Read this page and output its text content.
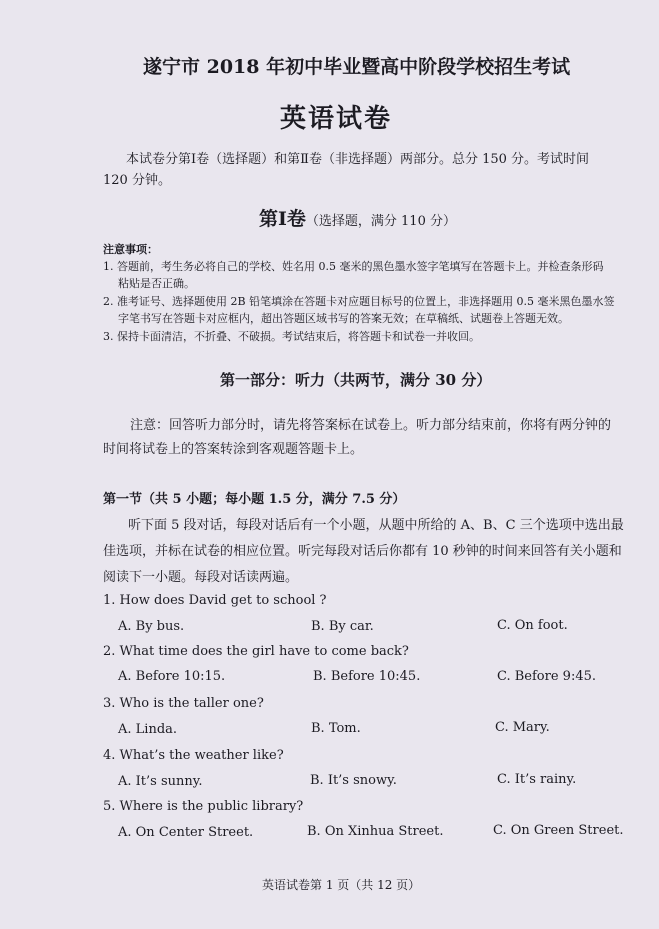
遂宁市 2018 年初中毕业暨高中阶段学校招生考试
英语试卷
本试卷分第Ⅰ卷（选择题）和第Ⅱ卷（非选择题）两部分。总分 150 分。考试时间
120 分钟。
第Ⅰ卷（选择题，满分 110 分）
注意事项：
1. 答题前，考生务必将自己的学校、姓名用 0.5 毫米的黑色墨水签字笔填写在答题卡上。并检查条形码
粘贴是否正确。
2. 准考证号、选择题使用 2B 铅笔填涂在答题卡对应题目标号的位置上，非选择题用 0.5 毫米黑色墨水签
字笔书写在答题卡对应框内，超出答题区域书写的答案无效；在草稿纸、试题卷上答题无效。
3. 保持卡面清洁，不折叠、不破损。考试结束后，将答题卡和试卷一并收回。
第一部分：听力（共两节，满分 30 分）
注意：回答听力部分时，请先将答案标在试卷上。听力部分结束前，你将有两分钟的
时间将试卷上的答案转涂到客观题答题卡上。
第一节（共 5 小题；每小题 1.5 分，满分 7.5 分）
听下面 5 段对话，每段对话后有一个小题，从题中所给的 A、B、C 三个选项中选出最
佳选项，并标在试卷的相应位置。听完每段对话后你都有 10 秒钟的时间来回答有关小题和
阅读下一小题。每段对话读两遍。
1. How does David get to school ?
A. By bus.	B. By car.	C. On foot.
2. What time does the girl have to come back?
A. Before 10:15.	B. Before 10:45.	C. Before 9:45.
3. Who is the taller one?
A. Linda.	B. Tom.	C. Mary.
4. What’s the weather like?
A. It’s sunny.	B. It’s snowy.	C. It’s rainy.
5. Where is the public library?
A. On Center Street.	B. On Xinhua Street.	C. On Green Street.
英语试卷第 1 页（共 12 页）
